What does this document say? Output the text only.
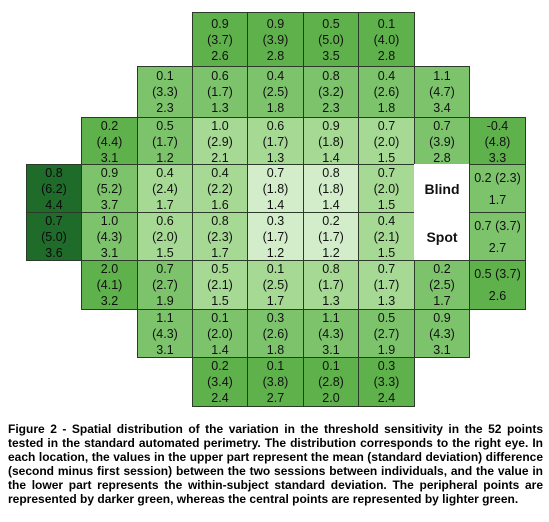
0.9
(3.7)
2.6
0.9
(3.9)
2.8
0.5
(5.0)
3.5
0.1
(4.0)
2.8
0.1
(3.3)
2.3
0.6
(1.7)
1.3
0.4
(2.5)
1.8
0.8
(3.2)
2.3
0.4
(2.6)
1.8
1.1
(4.7)
3.4
0.2
(4.4)
3.1
0.5
(1.7)
1.2
1.0
(2.9)
2.1
0.6
(1.7)
1.3
0.9
(1.8)
1.4
0.7
(2.0)
1.5
0.7
(3.9)
2.8
-0.4
(4.8)
3.3
0.8
(6.2)
4.4
0.9
(5.2)
3.7
0.4
(2.4)
1.7
0.4
(2.2)
1.6
0.7
(1.8)
1.4
0.8
(1.8)
1.4
0.7
(2.0)
1.5
Blind
0.2 (2.3)
1.7
0.7
(5.0)
3.6
1.0
(4.3)
3.1
0.6
(2.0)
1.5
0.8
(2.3)
1.7
0.3
(1.7)
1.2
0.2
(1.7)
1.2
0.4
(2.1)
1.5
Spot
0.7 (3.7)
2.7
2.0
(4.1)
3.2
0.7
(2.7)
1.9
0.5
(2.1)
1.5
0.1
(2.5)
1.7
0.8
(1.7)
1.3
0.7
(1.7)
1.3
0.2
(2.5)
1.7
0.5 (3.7)
2.6
1.1
(4.3)
3.1
0.1
(2.0)
1.4
0.3
(2.6)
1.8
1.1
(4.3)
3.1
0.5
(2.7)
1.9
0.9
(4.3)
3.1
0.2
(3.4)
2.4
0.1
(3.8)
2.7
0.1
(2.8)
2.0
0.3
(3.3)
2.4
Figure 2 - Spatial distribution of the variation in the threshold sensitivity in the 52 points tested in the standard automated perimetry. The distribution corresponds to the right eye. In each location, the values in the upper part represent the mean (standard deviation) difference (second minus first session) between the two sessions between individuals, and the value in the lower part represents the within-subject standard deviation. The peripheral points are represented by darker green, whereas the central points are represented by lighter green.
